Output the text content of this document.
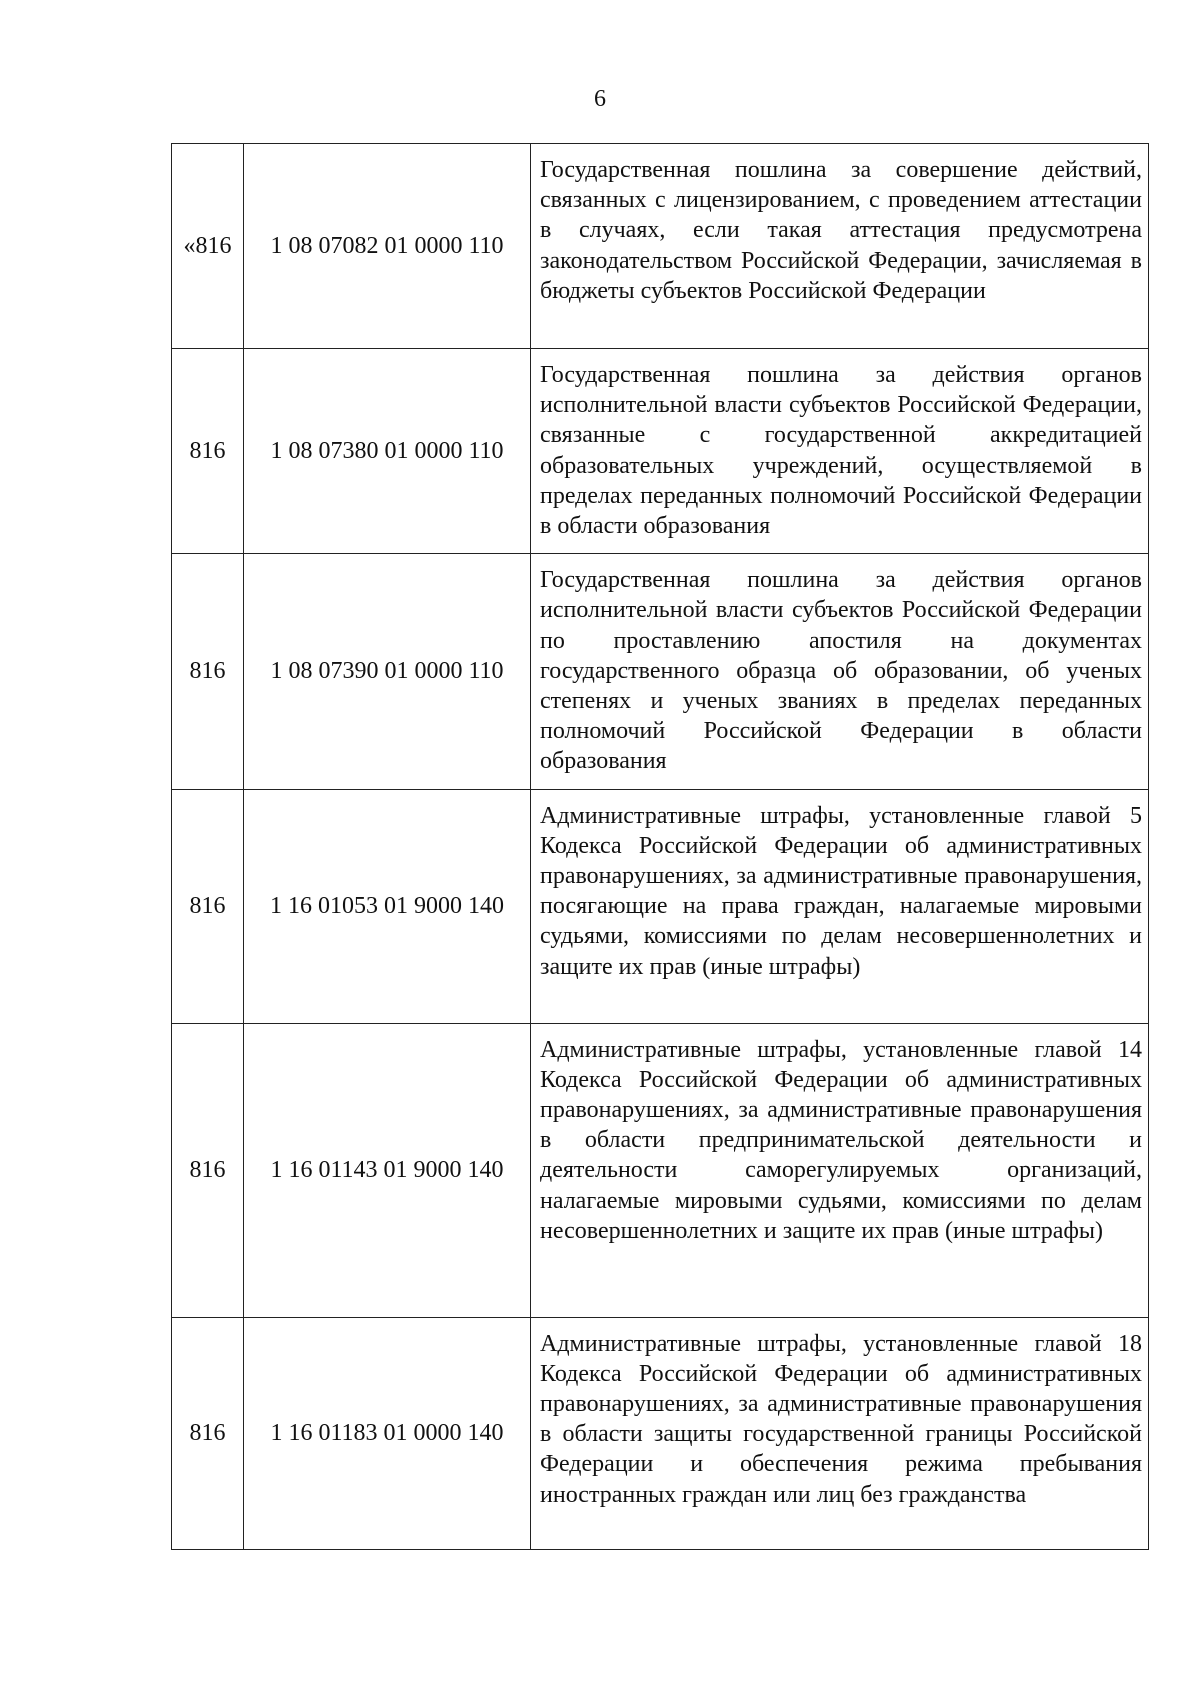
6
«816	1 08 07082 01 0000 110	Государственная пошлина за совершение действий, связанных с лицензированием, с проведением аттестации в случаях, если такая аттестация предусмотрена законодательством Российской Федерации, зачисляемая в бюджеты субъектов Российской Федерации

816	1 08 07380 01 0000 110	Государственная пошлина за действия органов исполнительной власти субъектов Российской Федерации, связанные с государственной аккредитацией образовательных учреждений, осуществляемой в пределах переданных полномочий Российской Федерации в области образования

816	1 08 07390 01 0000 110	Государственная пошлина за действия органов исполнительной власти субъектов Российской Федерации по проставлению апостиля на документах государственного образца об образовании, об ученых степенях и ученых званиях в пределах переданных полномочий Российской Федерации в области образования

816	1 16 01053 01 9000 140	Административные штрафы, установленные главой 5 Кодекса Российской Федерации об административных правонарушениях, за административные правонарушения, посягающие на права граждан, налагаемые мировыми судьями, комиссиями по делам несовершеннолетних и защите их прав (иные штрафы)

816	1 16 01143 01 9000 140	Административные штрафы, установленные главой 14 Кодекса Российской Федерации об административных правонарушениях, за административные правонарушения в области предпринимательской деятельности и деятельности саморегулируемых организаций, налагаемые мировыми судьями, комиссиями по делам несовершеннолетних и защите их прав (иные штрафы)

816	1 16 01183 01 0000 140	Административные штрафы, установленные главой 18 Кодекса Российской Федерации об административных правонарушениях, за административные правонарушения в области защиты государственной границы Российской Федерации и обеспечения режима пребывания иностранных граждан или лиц без гражданства
